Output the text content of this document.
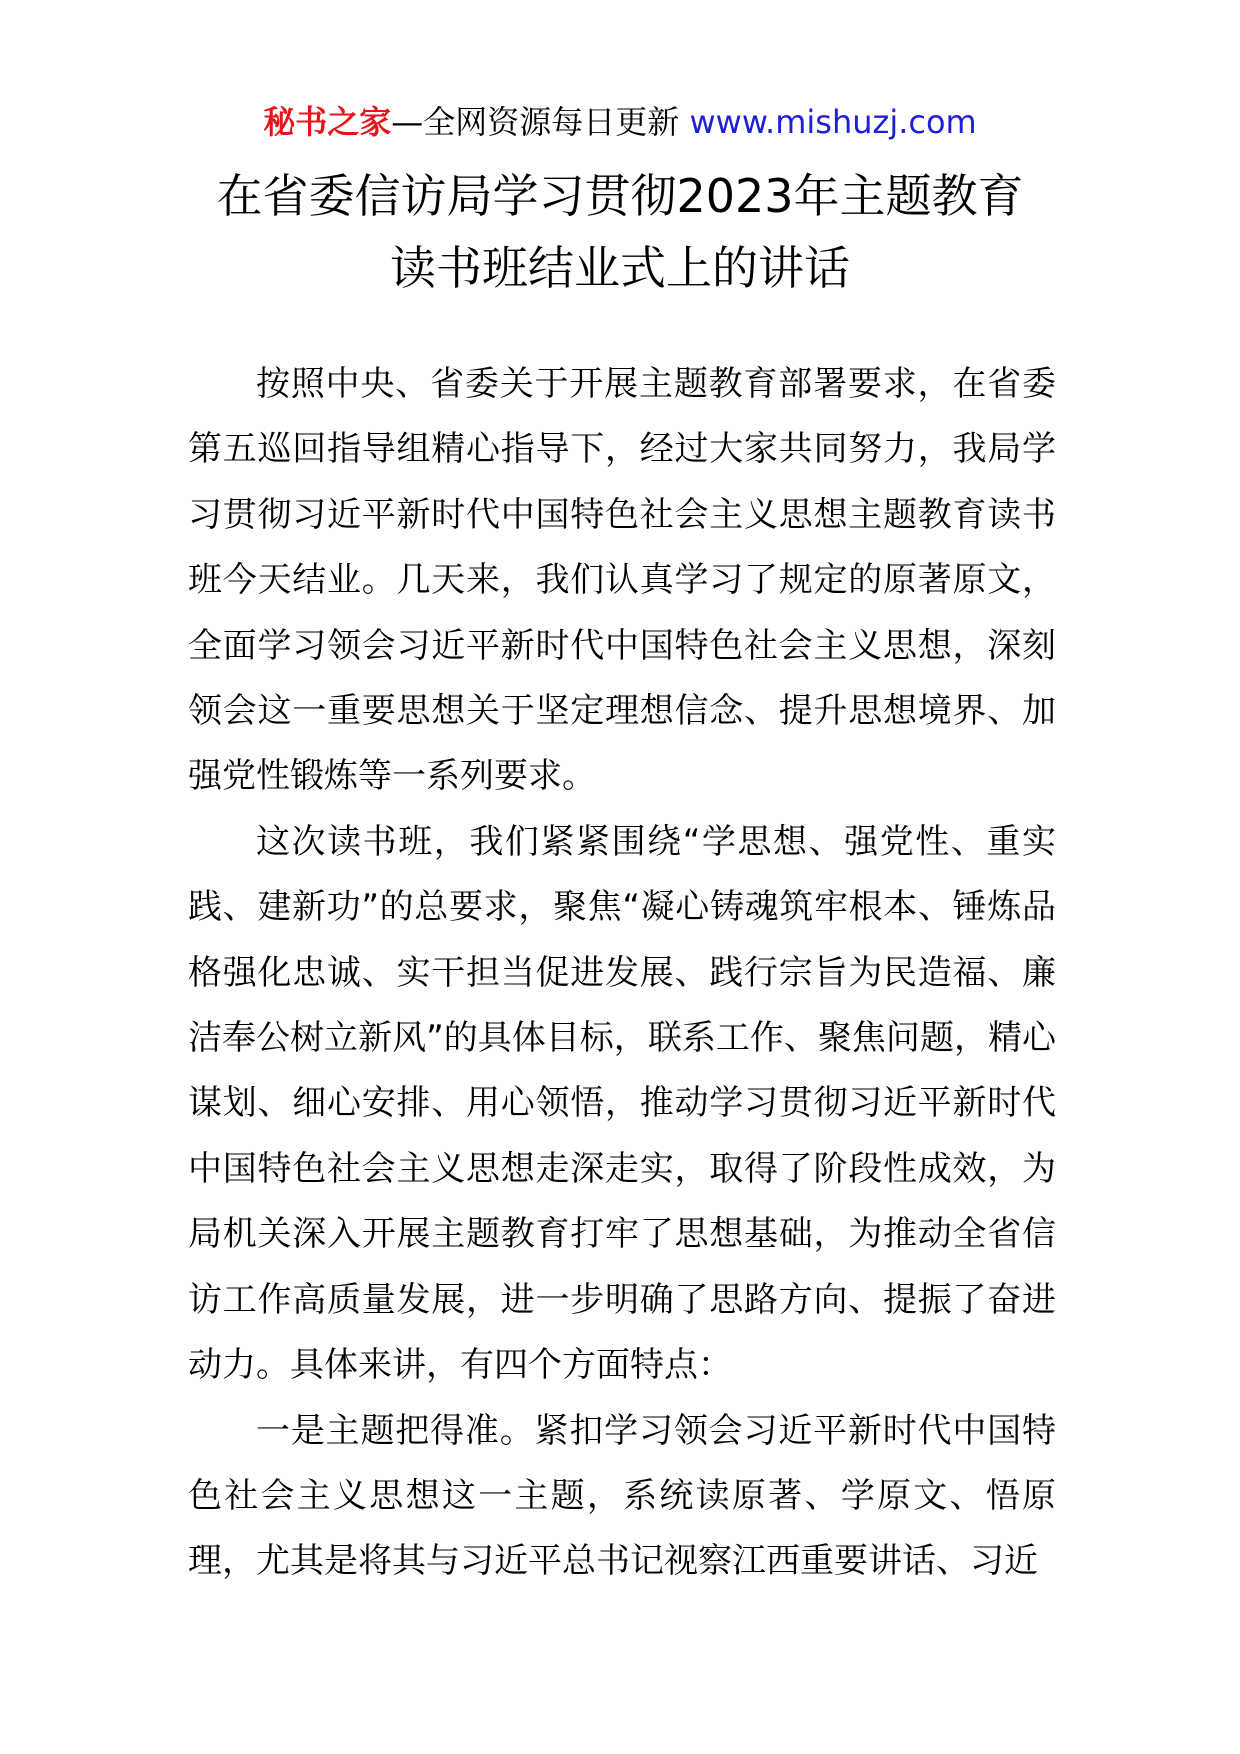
秘书之家—全网资源每日更新 www.mishuzj.com
在省委信访局学习贯彻2023年主题教育
读书班结业式上的讲话

按照中央、省委关于开展主题教育部署要求，在省委第五巡回指导组精心指导下，经过大家共同努力，我局学习贯彻习近平新时代中国特色社会主义思想主题教育读书班今天结业。几天来，我们认真学习了规定的原著原文，全面学习领会习近平新时代中国特色社会主义思想，深刻领会这一重要思想关于坚定理想信念、提升思想境界、加强党性锻炼等一系列要求。

这次读书班，我们紧紧围绕“学思想、强党性、重实践、建新功”的总要求，聚焦“凝心铸魂筑牢根本、锤炼品格强化忠诚、实干担当促进发展、践行宗旨为民造福、廉洁奉公树立新风”的具体目标，联系工作、聚焦问题，精心谋划、细心安排、用心领悟，推动学习贯彻习近平新时代中国特色社会主义思想走深走实，取得了阶段性成效，为局机关深入开展主题教育打牢了思想基础，为推动全省信访工作高质量发展，进一步明确了思路方向、提振了奋进动力。具体来讲，有四个方面特点：

一是主题把得准。紧扣学习领会习近平新时代中国特色社会主义思想这一主题，系统读原著、学原文、悟原理，尤其是将其与习近平总书记视察江西重要讲话、习近
